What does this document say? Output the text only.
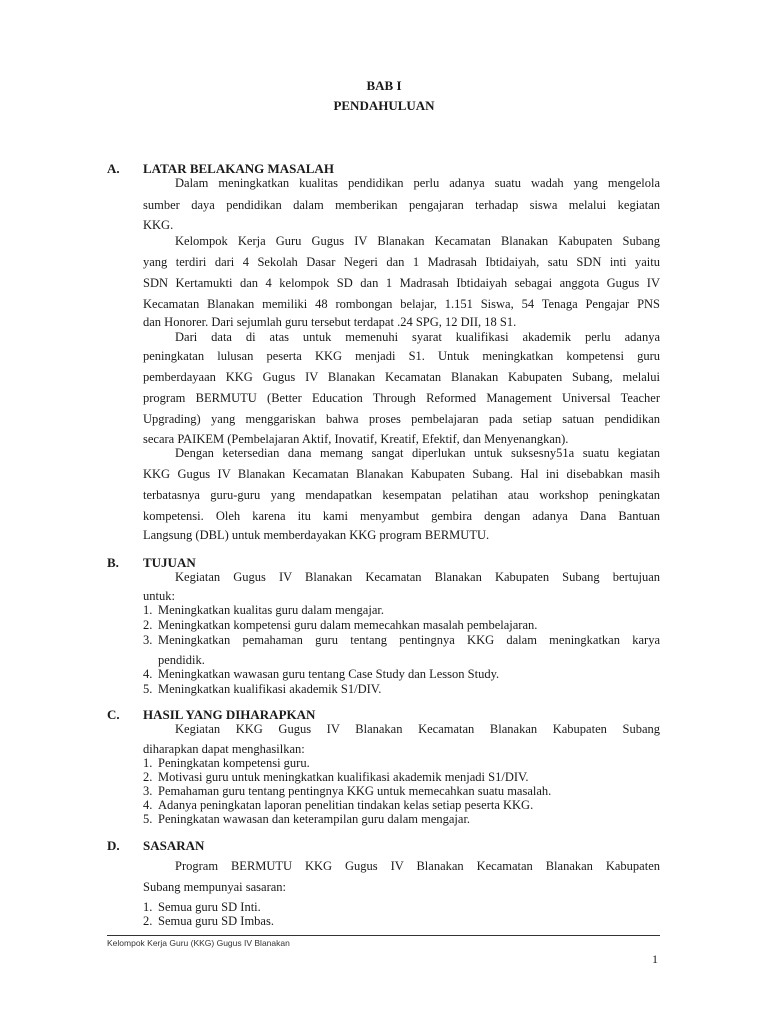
BAB I
PENDAHULUAN
A. LATAR BELAKANG MASALAH
Dalam meningkatkan kualitas pendidikan perlu adanya suatu wadah yang mengelola
sumber daya pendidikan dalam memberikan pengajaran terhadap siswa melalui kegiatan
KKG.
Kelompok Kerja Guru Gugus IV Blanakan Kecamatan Blanakan Kabupaten Subang
yang terdiri dari 4 Sekolah Dasar Negeri dan 1 Madrasah Ibtidaiyah, satu SDN inti yaitu
SDN Kertamukti dan 4 kelompok SD dan 1 Madrasah Ibtidaiyah sebagai anggota Gugus IV
Kecamatan Blanakan memiliki 48 rombongan belajar, 1.151 Siswa, 54 Tenaga Pengajar PNS
dan Honorer. Dari sejumlah guru tersebut terdapat .24 SPG, 12 DII, 18 S1.
Dari data di atas untuk memenuhi syarat kualifikasi akademik perlu adanya
peningkatan lulusan peserta KKG menjadi S1. Untuk meningkatkan kompetensi guru
pemberdayaan KKG Gugus IV Blanakan Kecamatan Blanakan Kabupaten Subang, melalui
program BERMUTU (Better Education Through Reformed Management Universal Teacher
Upgrading) yang menggariskan bahwa proses pembelajaran pada setiap satuan pendidikan
secara PAIKEM (Pembelajaran Aktif, Inovatif, Kreatif, Efektif, dan Menyenangkan).
Dengan ketersedian dana memang sangat diperlukan untuk suksesny51a suatu kegiatan
KKG Gugus IV Blanakan Kecamatan Blanakan Kabupaten Subang. Hal ini disebabkan masih
terbatasnya guru-guru yang mendapatkan kesempatan pelatihan atau workshop peningkatan
kompetensi. Oleh karena itu kami menyambut gembira dengan adanya Dana Bantuan
Langsung (DBL) untuk memberdayakan KKG program BERMUTU.
B. TUJUAN
Kegiatan Gugus IV Blanakan Kecamatan Blanakan Kabupaten Subang bertujuan
untuk:
1. Meningkatkan kualitas guru dalam mengajar.
2. Meningkatkan kompetensi guru dalam memecahkan masalah pembelajaran.
3. Meningkatkan pemahaman guru tentang pentingnya KKG dalam meningkatkan karya
pendidik.
4. Meningkatkan wawasan guru tentang Case Study dan Lesson Study.
5. Meningkatkan kualifikasi akademik S1/DIV.
C. HASIL YANG DIHARAPKAN
Kegiatan KKG Gugus IV Blanakan Kecamatan Blanakan Kabupaten Subang
diharapkan dapat menghasilkan:
1. Peningkatan kompetensi guru.
2. Motivasi guru untuk meningkatkan kualifikasi akademik menjadi S1/DIV.
3. Pemahaman guru tentang pentingnya KKG untuk memecahkan suatu masalah.
4. Adanya peningkatan laporan penelitian tindakan kelas setiap peserta KKG.
5. Peningkatan wawasan dan keterampilan guru dalam mengajar.
D. SASARAN
Program BERMUTU KKG Gugus IV Blanakan Kecamatan Blanakan Kabupaten
Subang mempunyai sasaran:
1. Semua guru SD Inti.
2. Semua guru SD Imbas.
Kelompok Kerja Guru (KKG) Gugus IV Blanakan
1
